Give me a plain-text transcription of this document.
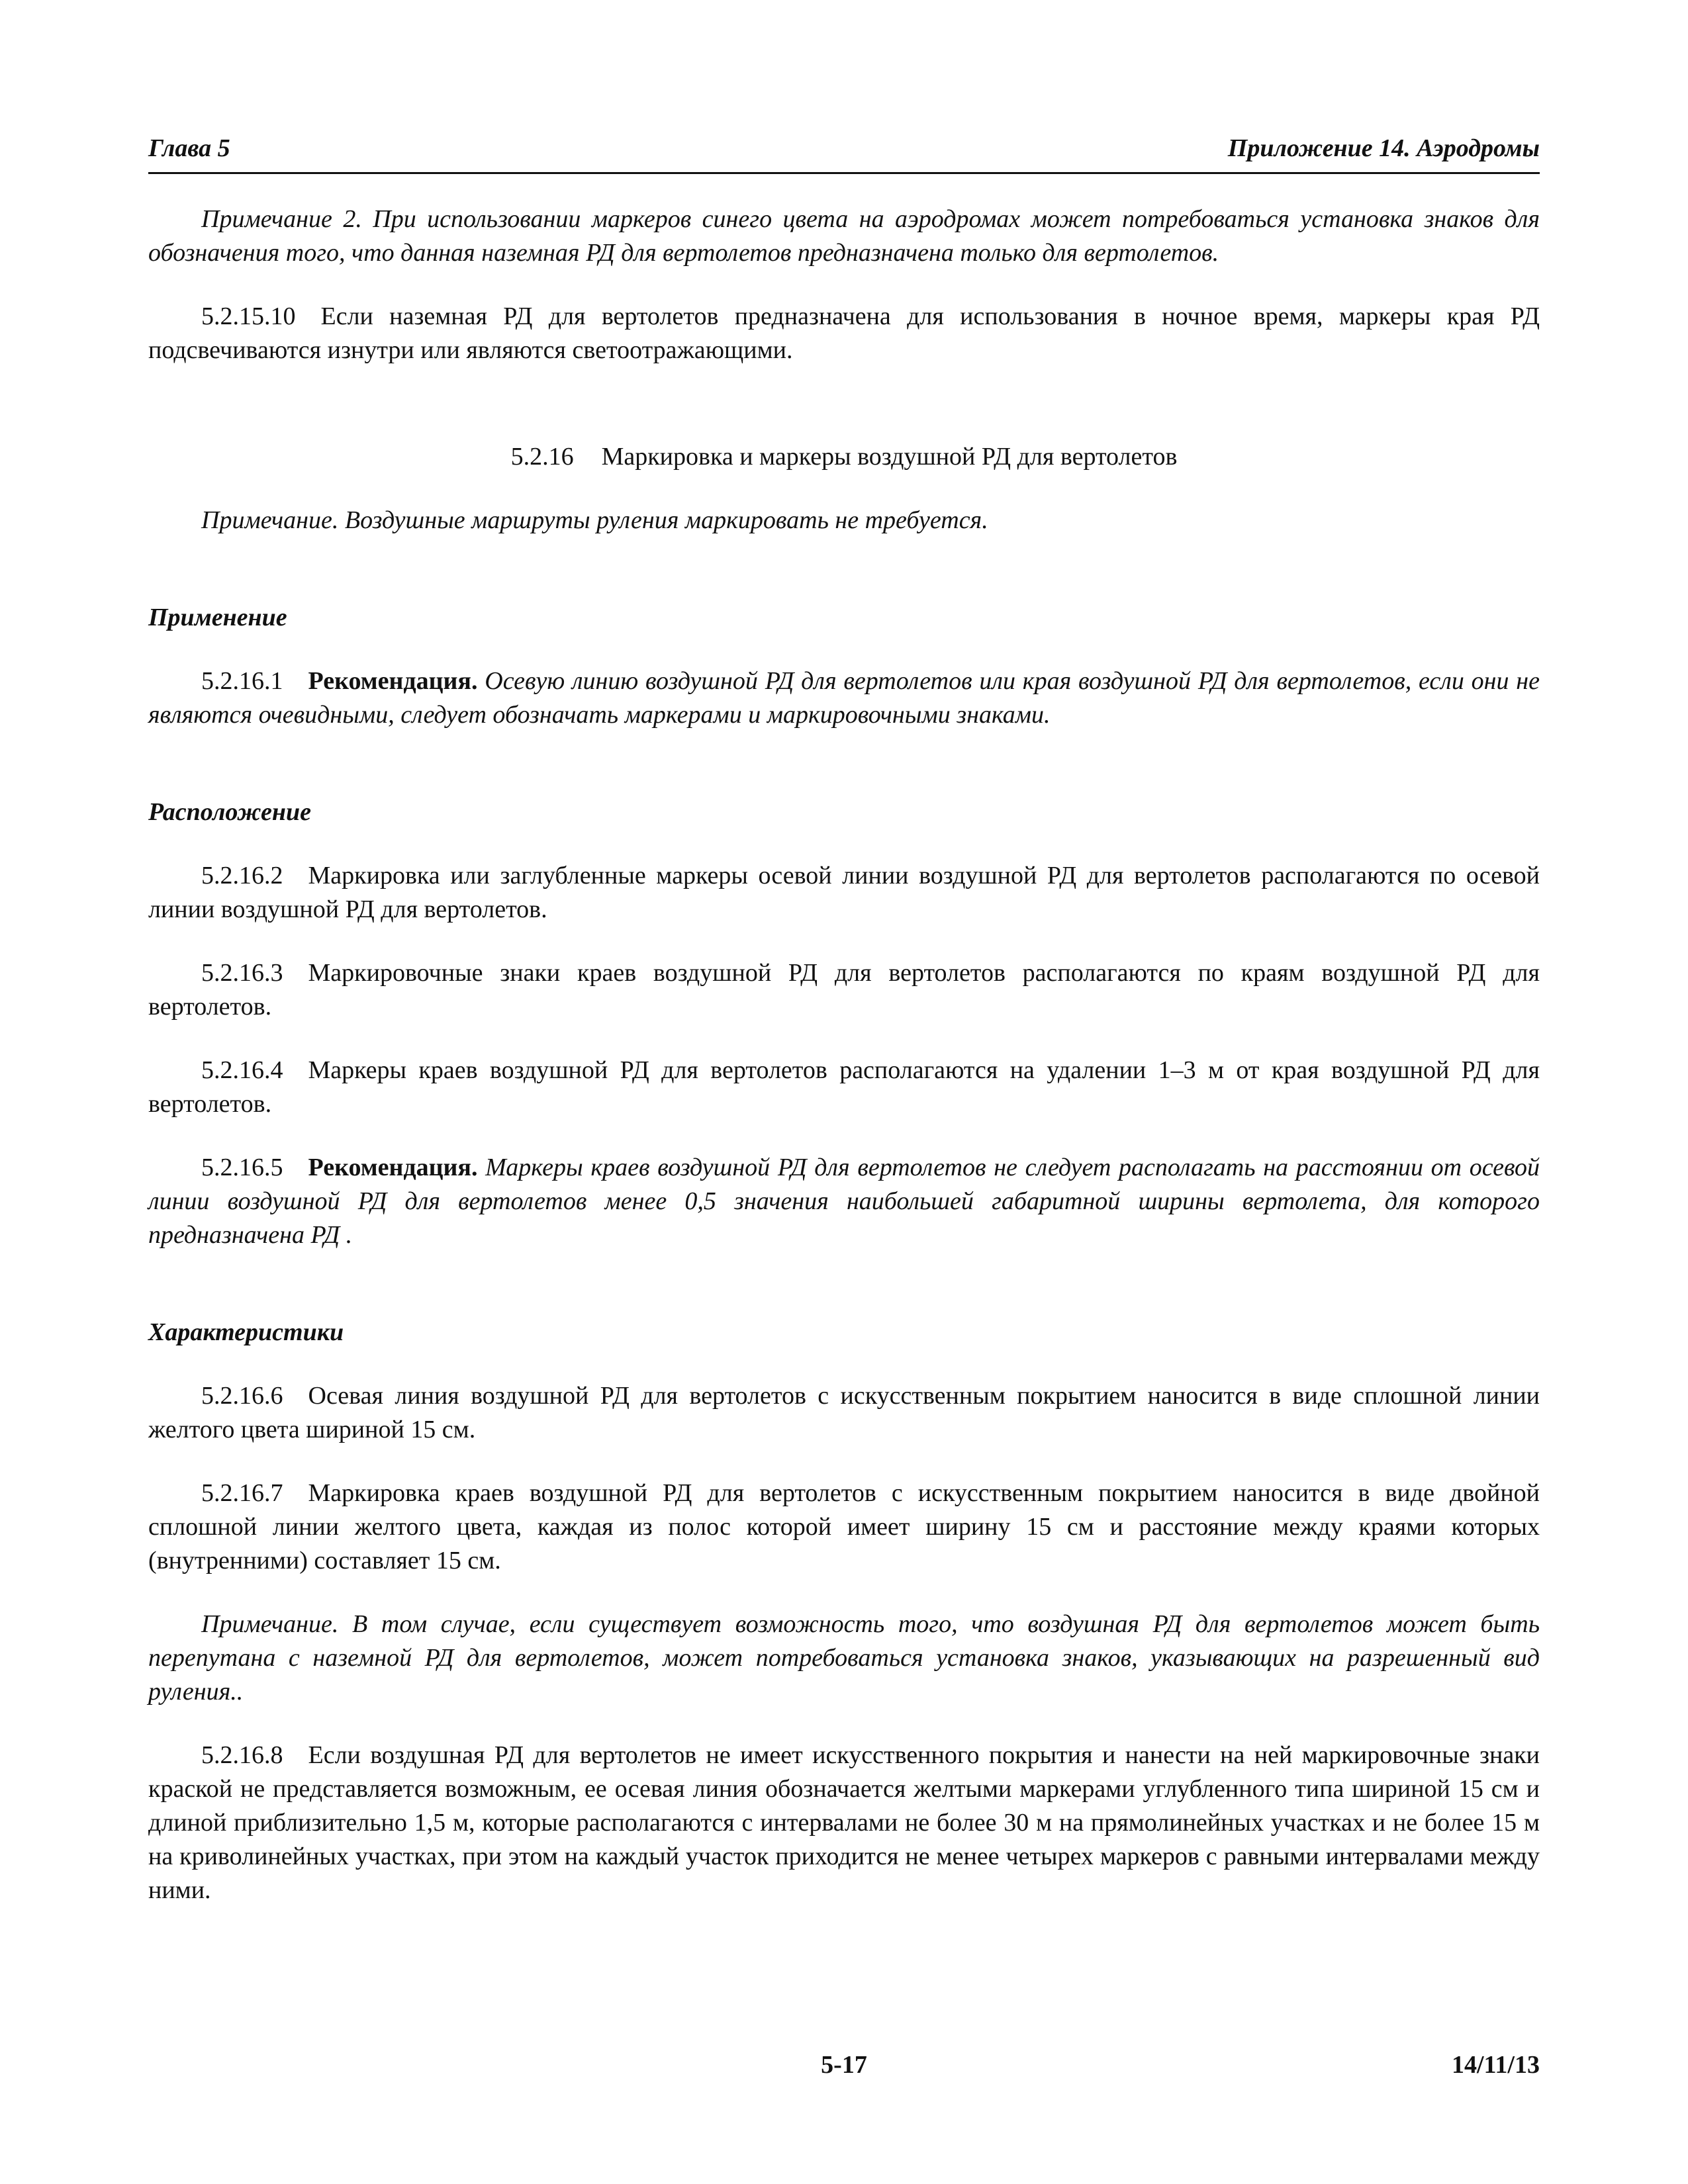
Глава 5	Приложение 14. Аэродромы

Примечание 2. При использовании маркеров синего цвета на аэродромах может потребоваться установка знаков для обозначения того, что данная наземная РД для вертолетов предназначена только для вертолетов.

5.2.15.10 Если наземная РД для вертолетов предназначена для использования в ночное время, маркеры края РД подсвечиваются изнутри или являются светоотражающими.

5.2.16 Маркировка и маркеры воздушной РД для вертолетов

Примечание. Воздушные маршруты руления маркировать не требуется.

Применение

5.2.16.1 Рекомендация. Осевую линию воздушной РД для вертолетов или края воздушной РД для вертолетов, если они не являются очевидными, следует обозначать маркерами и маркировочными знаками.

Расположение

5.2.16.2 Маркировка или заглубленные маркеры осевой линии воздушной РД для вертолетов располагаются по осевой линии воздушной РД для вертолетов.

5.2.16.3 Маркировочные знаки краев воздушной РД для вертолетов располагаются по краям воздушной РД для вертолетов.

5.2.16.4 Маркеры краев воздушной РД для вертолетов располагаются на удалении 1–3 м от края воздушной РД для вертолетов.

5.2.16.5 Рекомендация. Маркеры краев воздушной РД для вертолетов не следует располагать на расстоянии от осевой линии воздушной РД для вертолетов менее 0,5 значения наибольшей габаритной ширины вертолета, для которого предназначена РД .

Характеристики

5.2.16.6 Осевая линия воздушной РД для вертолетов с искусственным покрытием наносится в виде сплошной линии желтого цвета шириной 15 см.

5.2.16.7 Маркировка краев воздушной РД для вертолетов с искусственным покрытием наносится в виде двойной сплошной линии желтого цвета, каждая из полос которой имеет ширину 15 см и расстояние между краями которых (внутренними) составляет 15 см.

Примечание. В том случае, если существует возможность того, что воздушная РД для вертолетов может быть перепутана с наземной РД для вертолетов, может потребоваться установка знаков, указывающих на разрешенный вид руления..

5.2.16.8 Если воздушная РД для вертолетов не имеет искусственного покрытия и нанести на ней маркировочные знаки краской не представляется возможным, ее осевая линия обозначается желтыми маркерами углубленного типа шириной 15 см и длиной приблизительно 1,5 м, которые располагаются с интервалами не более 30 м на прямолинейных участках и не более 15 м на криволинейных участках, при этом на каждый участок приходится не менее четырех маркеров с равными интервалами между ними.

5-17	14/11/13
